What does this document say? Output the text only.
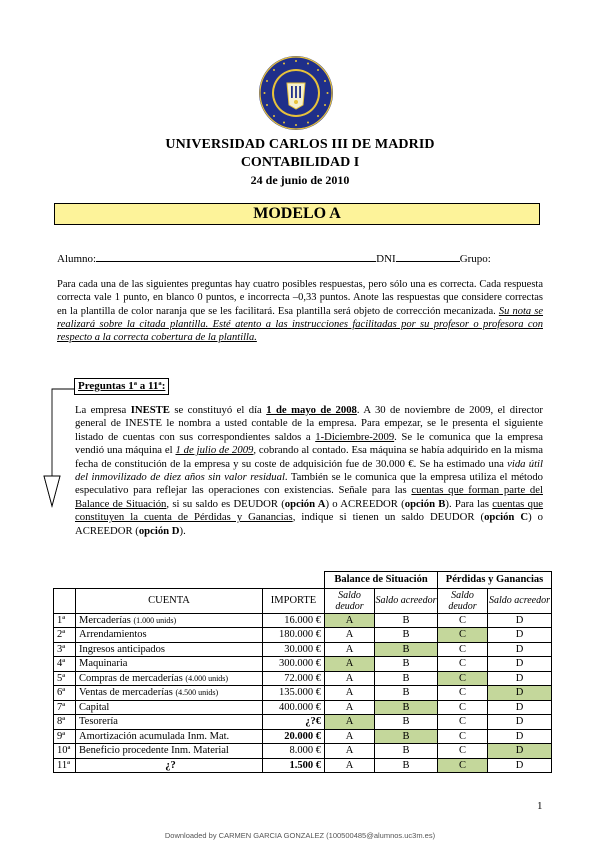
UNIVERSIDAD CARLOS III DE MADRID
CONTABILIDAD I
24 de junio de 2010
MODELO A
Alumno:	DNI	Grupo:
Para cada una de las siguientes preguntas hay cuatro posibles respuestas, pero sólo una es correcta. Cada respuesta correcta vale 1 punto, en blanco 0 puntos, e incorrecta –0,33 puntos. Anote las respuestas que considere correctas en la plantilla de color naranja que se les facilitará. Esa plantilla será objeto de corrección mecanizada. Su nota se realizará sobre la citada plantilla. Esté atento a las instrucciones facilitadas por su profesor o profesora con respecto a la correcta cobertura de la plantilla.
Preguntas 1ª a 11ª:
La empresa INESTE se constituyó el día 1 de mayo de 2008. A 30 de noviembre de 2009, el director general de INESTE le nombra a usted contable de la empresa. Para empezar, se le presenta el siguiente listado de cuentas con sus correspondientes saldos a 1-Diciembre-2009. Se le comunica que la empresa vendió una máquina el 1 de julio de 2009, cobrando al contado. Esa máquina se había adquirido en la misma fecha de constitución de la empresa y su coste de adquisición fue de 30.000 €. Se ha estimado una vida útil del inmovilizado de diez años sin valor residual. También se le comunica que la empresa utiliza el método especulativo para reflejar las operaciones con existencias. Señale para las cuentas que forman parte del Balance de Situación, si su saldo es DEUDOR (opción A) o ACREEDOR (opción B). Para las cuentas que constituyen la cuenta de Pérdidas y Ganancias, indique si tienen un saldo DEUDOR (opción C) o ACREEDOR (opción D).
			Balance de Situación		Pérdidas y Ganancias	
	CUENTA	IMPORTE	Saldo deudor	Saldo acreedor	Saldo deudor	Saldo acreedor

1ª	Mercaderías (1.000 unids)	16.000 €	A	B	C	D
2ª	Arrendamientos	180.000 €	A	B	C	D
3ª	Ingresos anticipados	30.000 €	A	B	C	D
4ª	Maquinaria	300.000 €	A	B	C	D
5ª	Compras de mercaderías (4.000 unids)	72.000 €	A	B	C	D
6ª	Ventas de mercaderías (4.500 unids)	135.000 €	A	B	C	D
7ª	Capital	400.000 €	A	B	C	D
8ª	Tesorería	¿?€	A	B	C	D
9ª	Amortización acumulada Inm. Mat.	20.000 €	A	B	C	D
10ª	Beneficio procedente Inm. Material	8.000 €	A	B	C	D
11ª	¿?	1.500 €	A	B	C	D
1
Downloaded by CARMEN GARCIA GONZALEZ (100500485@alumnos.uc3m.es)
